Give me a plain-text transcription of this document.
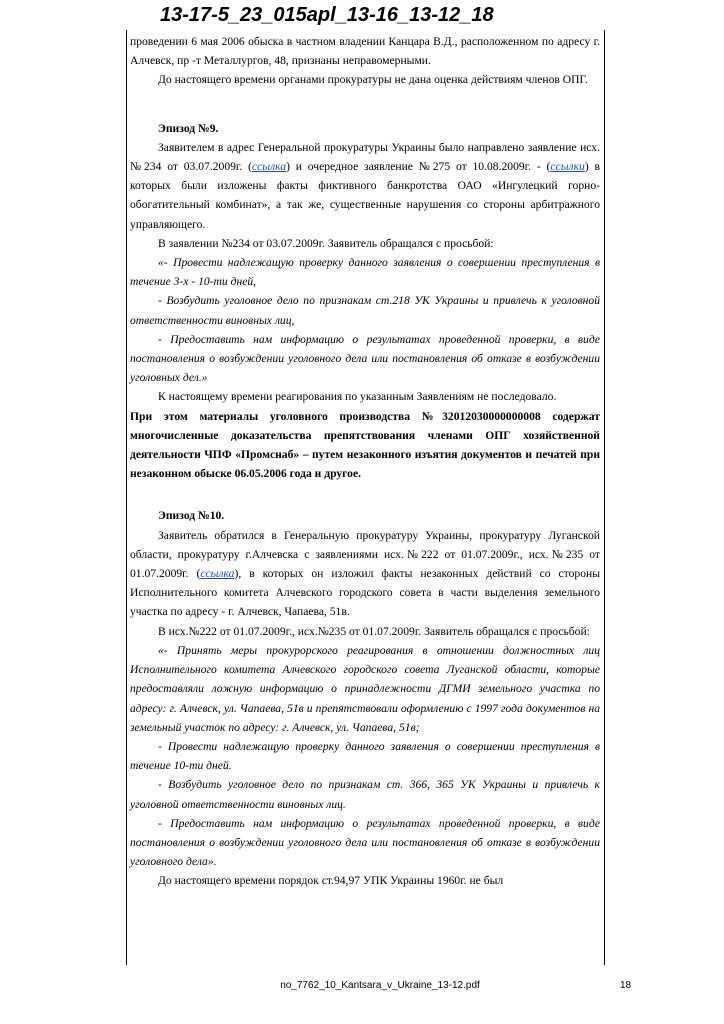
13-17-5_23_015apl_13-16_13-12_18

проведении 6 мая 2006 обыска в частном владении Канцара В.Д., расположенном по адресу г. Алчевск, пр -т Металлургов, 48, признаны неправомерными.

До настоящего времени органами прокуратуры не дана оценка действиям членов ОПГ.

Эпизод №9.

Заявителем в адрес Генеральной прокуратуры Украины было направлено заявление исх.№234 от 03.07.2009г. (ссылка) и очередное заявление №275 от 10.08.2009г. - (ссылки) в которых были изложены факты фиктивного банкротства ОАО «Ингулецкий горно-обогатительный комбинат», а так же, существенные нарушения со стороны арбитражного управляющего.

В заявлении №234 от 03.07.2009г. Заявитель обращался с просьбой:

«- Провести надлежащую проверку данного заявления о совершении преступления в течение 3-х - 10-ти дней,

- Возбудить уголовное дело по признакам ст.218 УК Украины и привлечь к уголовной ответственности виновных лиц,

- Предоставить нам информацию о результатах проведенной проверки, в виде постановления о возбуждении уголовного дела или постановления об отказе в возбуждении уголовных дел.»

К настоящему времени реагирования по указанным Заявлениям не последовало.

При этом материалы уголовного производства №32012030000000008 содержат многочисленные доказательства препятствования членами ОПГ хозяйственной деятельности ЧПФ «Промснаб» – путем незаконного изъятия документов и печатей при незаконном обыске 06.05.2006 года и другое.

Эпизод №10.

Заявитель обратился в Генеральную прокуратуру Украины, прокуратуру Луганской области, прокуратуру г.Алчевска с заявлениями исх.№222 от 01.07.2009г., исх.№235 от 01.07.2009г. (ссылка), в которых он изложил факты незаконных действий со стороны Исполнительного комитета Алчевского городского совета в части выделения земельного участка по адресу - г. Алчевск, Чапаева, 51в.

В исх.№222 от 01.07.2009г., исх.№235 от 01.07.2009г. Заявитель обращался с просьбой:

«- Принять меры прокурорского реагирования в отношении должностных лиц Исполнительного комитета Алчевского городского совета Луганской области, которые предоставляли ложную информацию о принадлежности ДГМИ земельного участка по адресу: г. Алчевск, ул. Чапаева, 51в и препятствовали оформлению с 1997 года документов на земельный участок по адресу: г. Алчевск, ул. Чапаева, 51в;

- Провести надлежащую проверку данного заявления о совершении преступления в течение 10-ти дней.

- Возбудить уголовное дело по признакам ст. 366, 365 УК Украины и привлечь к уголовной ответственности виновных лиц.

- Предоставить нам информацию о результатах проведенной проверки, в виде постановления о возбуждении уголовного дела или постановления об отказе в возбуждении уголовного дела».

До настоящего времени порядок ст.94,97 УПК Украины 1960г. не был

no_7762_10_Kantsara_v_Ukraine_13-12.pdf	18
